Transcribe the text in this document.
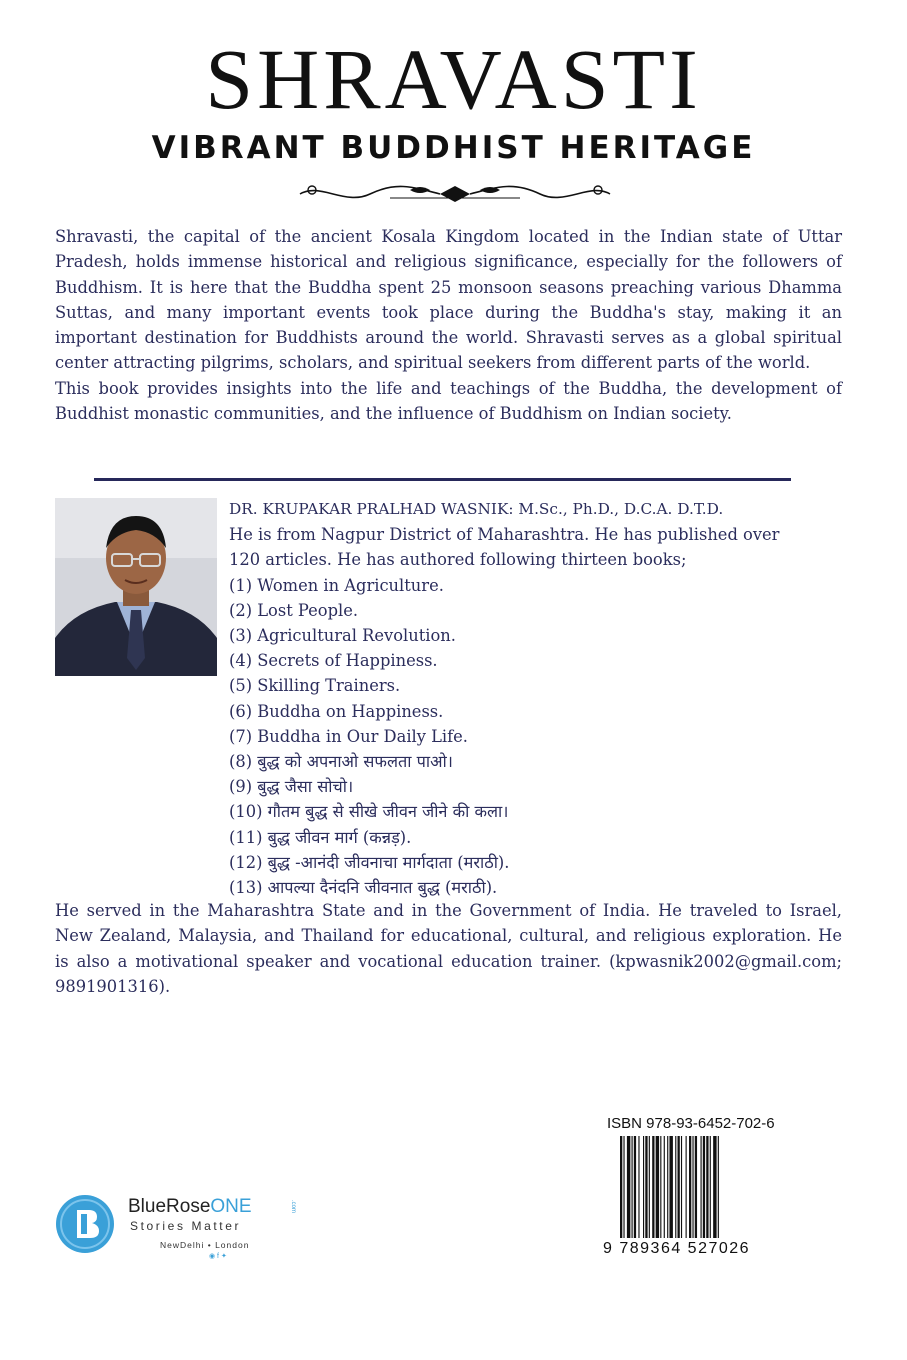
SHRAVASTI
VIBRANT BUDDHIST HERITAGE

Shravasti, the capital of the ancient Kosala Kingdom located in the Indian state of Uttar Pradesh, holds immense historical and religious significance, especially for the followers of Buddhism. It is here that the Buddha spent 25 monsoon seasons preaching various Dhamma Suttas, and many important events took place during the Buddha's stay, making it an important destination for Buddhists around the world. Shravasti serves as a global spiritual center attracting pilgrims, scholars, and spiritual seekers from different parts of the world.

This book provides insights into the life and teachings of the Buddha, the development of Buddhist monastic communities, and the influence of Buddhism on Indian society.

DR. KRUPAKAR PRALHAD WASNIK: M.Sc., Ph.D., D.C.A. D.T.D.
He is from Nagpur District of Maharashtra. He has published over
120 articles. He has authored following thirteen books;
(1) Women in Agriculture.
(2) Lost People.
(3) Agricultural Revolution.
(4) Secrets of Happiness.
(5) Skilling Trainers.
(6) Buddha on Happiness.
(7) Buddha in Our Daily Life.
(8) बुद्ध को अपनाओ सफलता पाओ।
(9) बुद्ध जैसा सोचो।
(10) गौतम बुद्ध से सीखे जीवन जीने की कला।
(11) बुद्ध जीवन मार्ग (कन्नड़).
(12) बुद्ध -आनंदी जीवनाचा मार्गदाता (मराठी).
(13) आपल्या दैनंदनि जीवनात बुद्ध (मराठी).
He served in the Maharashtra State and in the Government of India. He traveled to Israel, New Zealand, Malaysia, and Thailand for educational, cultural, and religious exploration. He is also a motivational speaker and vocational education trainer. (kpwasnik2002@gmail.com; 9891901316).
ISBN 978-93-6452-702-6
9 789364 527026
BlueRoseONE	.com
Stories Matter
NewDelhi • London
◉ f ✦
